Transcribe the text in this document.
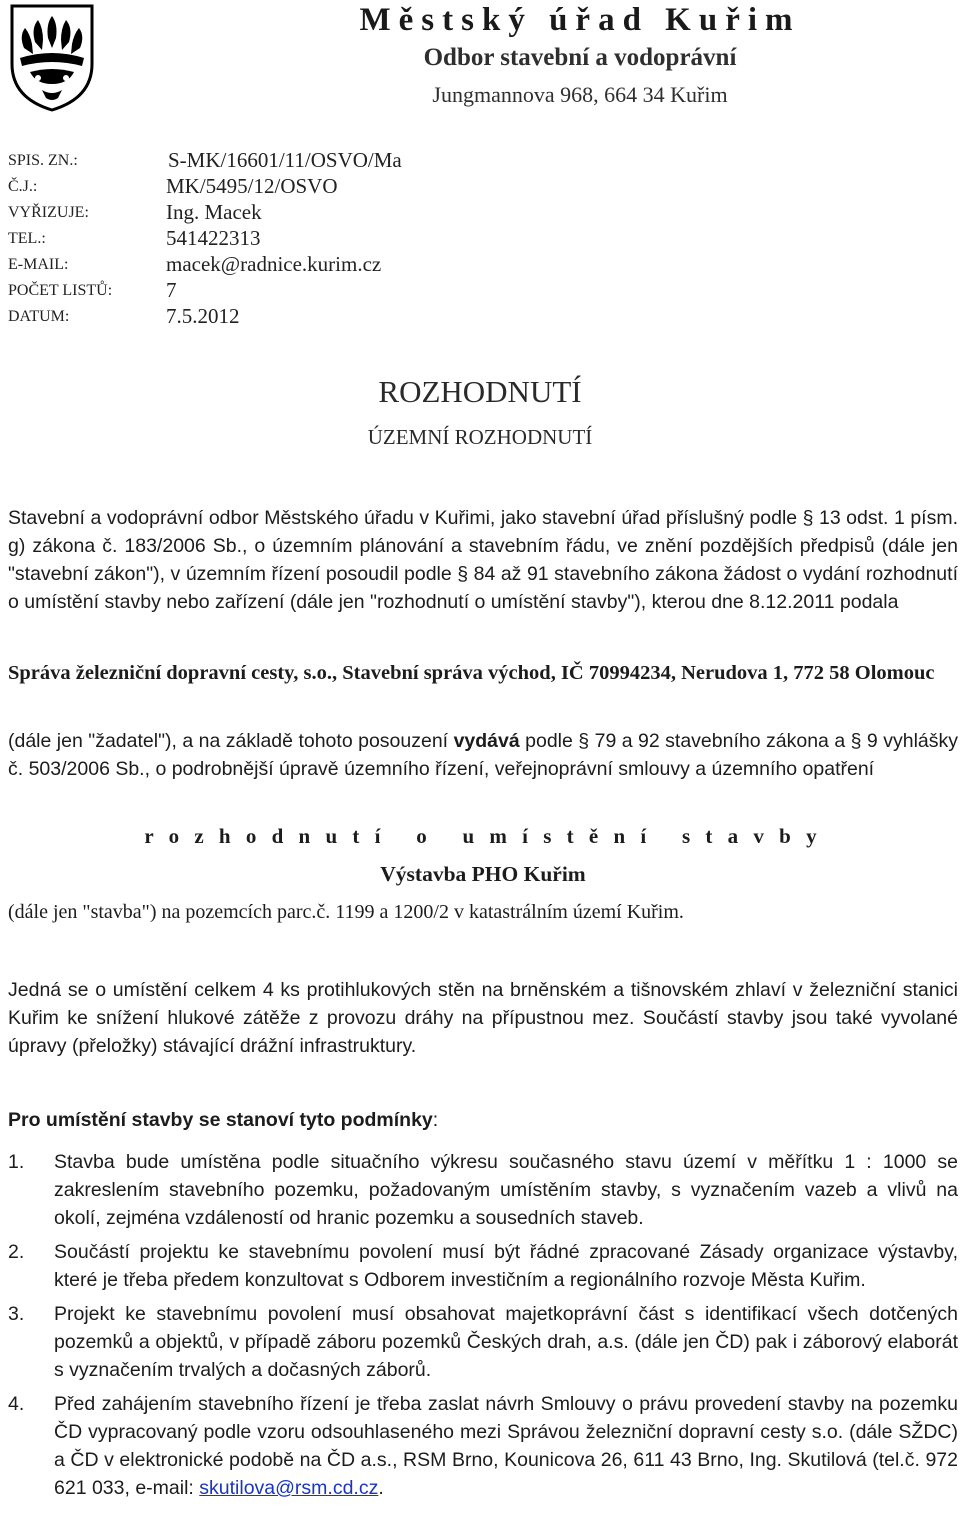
Městský úřad Kuřim
Odbor stavební a vodoprávní
Jungmannova 968, 664 34 Kuřim
SPIS. ZN.:	S-MK/16601/11/OSVO/Ma
Č.J.:	MK/5495/12/OSVO
VYŘIZUJE:	Ing. Macek
TEL.:	541422313
E-MAIL:	macek@radnice.kurim.cz
POČET LISTŮ:	7
DATUM:	7.5.2012
ROZHODNUTÍ
ÚZEMNÍ ROZHODNUTÍ

Stavební a vodoprávní odbor Městského úřadu v Kuřimi, jako stavební úřad příslušný podle § 13 odst. 1 písm. g) zákona č. 183/2006 Sb., o územním plánování a stavebním řádu, ve znění pozdějších předpisů (dále jen "stavební zákon"), v územním řízení posoudil podle § 84 až 91 stavebního zákona žádost o vydání rozhodnutí o umístění stavby nebo zařízení (dále jen "rozhodnutí o umístění stavby"), kterou dne 8.12.2011 podala

Správa železniční dopravní cesty, s.o., Stavební správa východ, IČ 70994234, Nerudova 1, 772 58 Olomouc

(dále jen "žadatel"), a na základě tohoto posouzení vydává podle § 79 a 92 stavebního zákona a § 9 vyhlášky č. 503/2006 Sb., o podrobnější úpravě územního řízení, veřejnoprávní smlouvy a územního opatření

r o z h o d n u t í   o   u m í s t ě n í   s t a v b y
Výstavba PHO Kuřim
(dále jen "stavba") na pozemcích parc.č. 1199 a 1200/2 v katastrálním území Kuřim.

Jedná se o umístění celkem 4 ks protihlukových stěn na brněnském a tišnovském zhlaví v železniční stanici Kuřim ke snížení hlukové zátěže z provozu dráhy na přípustnou mez. Součástí stavby jsou také vyvolané úpravy (přeložky) stávající drážní infrastruktury.

Pro umístění stavby se stanoví tyto podmínky:
1. Stavba bude umístěna podle situačního výkresu současného stavu území v měřítku 1 : 1000 se zakreslením stavebního pozemku, požadovaným umístěním stavby, s vyznačením vazeb a vlivů na okolí, zejména vzdáleností od hranic pozemku a sousedních staveb.
2. Součástí projektu ke stavebnímu povolení musí být řádné zpracované Zásady organizace výstavby, které je třeba předem konzultovat s Odborem investičním a regionálního rozvoje Města Kuřim.
3. Projekt ke stavebnímu povolení musí obsahovat majetkoprávní část s identifikací všech dotčených pozemků a objektů, v případě záboru pozemků Českých drah, a.s. (dále jen ČD) pak i záborový elaborát s vyznačením trvalých a dočasných záborů.
4. Před zahájením stavebního řízení je třeba zaslat návrh Smlouvy o právu provedení stavby na pozemku ČD vypracovaný podle vzoru odsouhlaseného mezi Správou železniční dopravní cesty s.o. (dále SŽDC) a ČD v elektronické podobě na ČD a.s., RSM Brno, Kounicova 26, 611 43 Brno, Ing. Skutilová (tel.č. 972 621 033, e-mail: skutilova@rsm.cd.cz.
